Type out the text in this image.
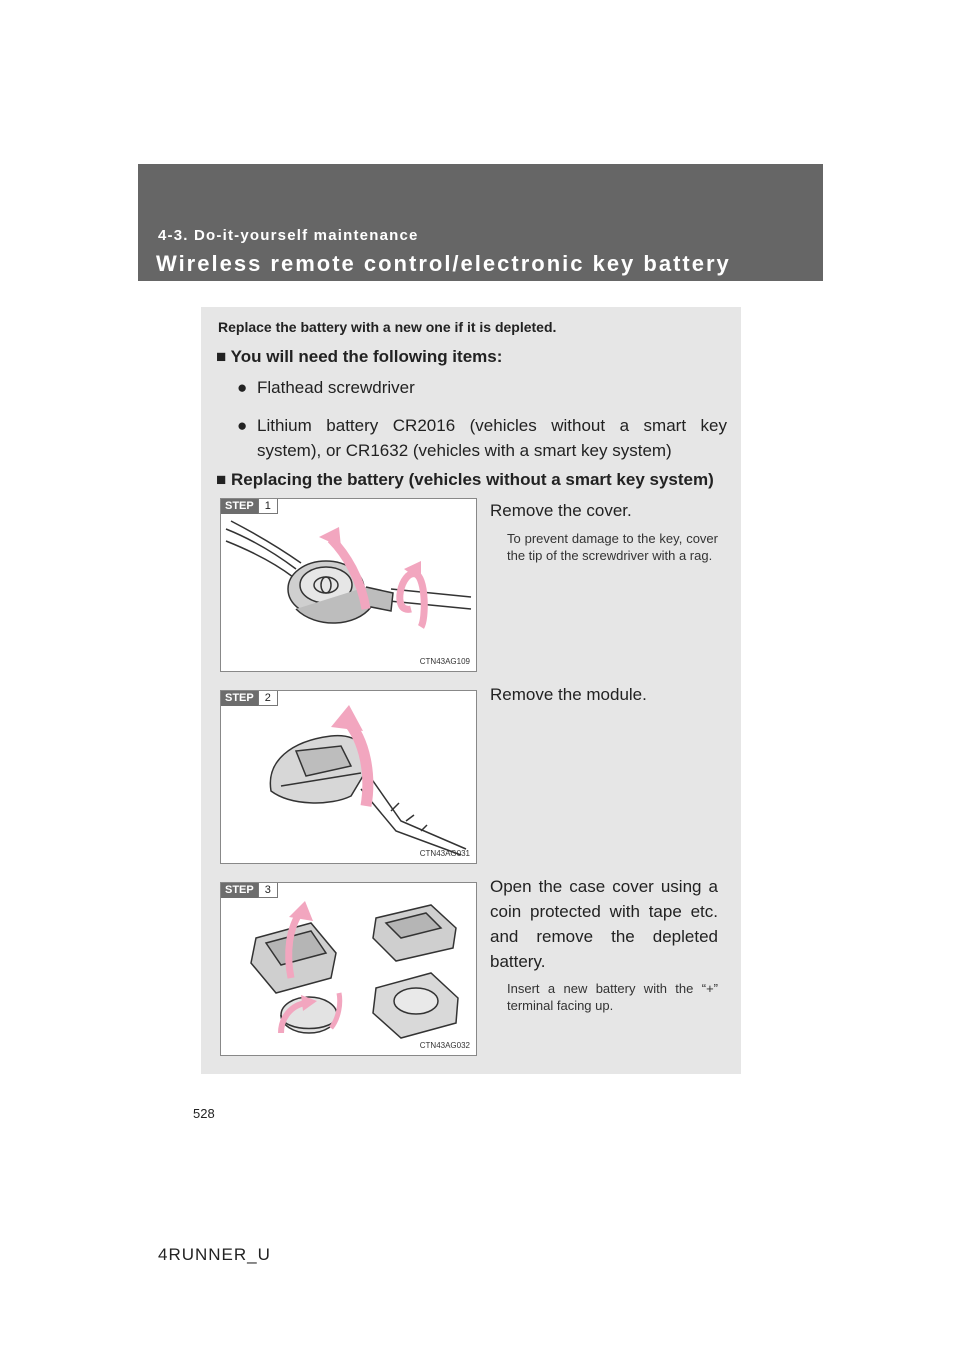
4-3. Do-it-yourself maintenance
Wireless remote control/electronic key battery
Replace the battery with a new one if it is depleted.
■ You will need the following items:
● Flathead screwdriver
● Lithium battery CR2016 (vehicles without a smart key system), or CR1632 (vehicles with a smart key system)
■ Replacing the battery (vehicles without a smart key system)
STEP	1
CTN43AG109
Remove the cover.
To prevent damage to the key, cover the tip of the screwdriver with a rag.
STEP	2
CTN43AG031
Remove the module.
STEP	3
CTN43AG032
Open the case cover using a coin protected with tape etc. and remove the depleted battery.
Insert a new battery with the “+” terminal facing up.
528
4RUNNER_U
